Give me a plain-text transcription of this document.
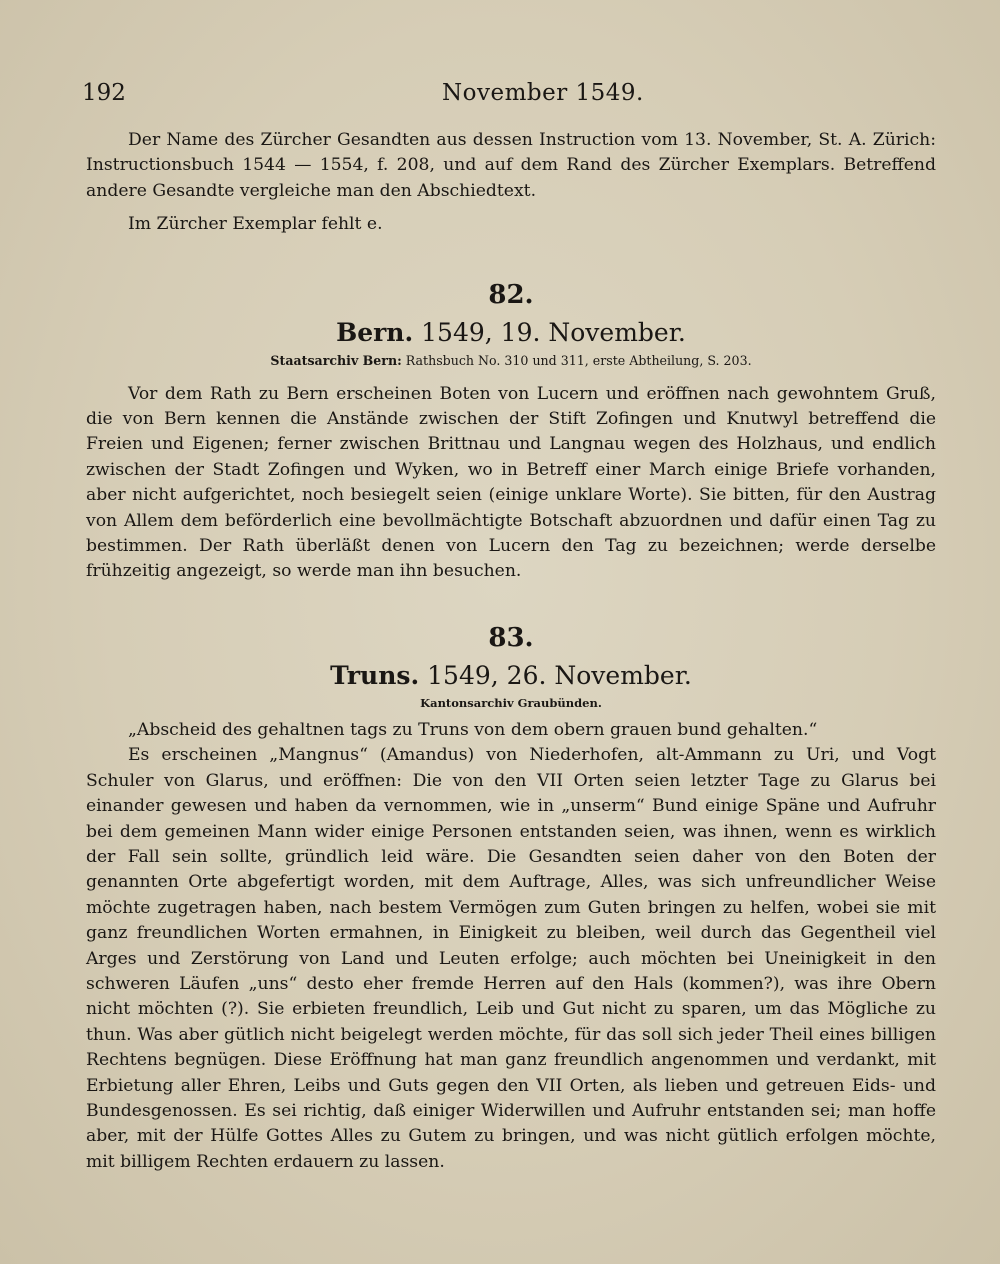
192	November 1549.

Der Name des Zürcher Gesandten aus dessen Instruction vom 13. November, St. A. Zürich: Instructionsbuch 1544 — 1554, f. 208, und auf dem Rand des Zürcher Exemplars. Betreffend andere Gesandte vergleiche man den Abschiedtext.

Im Zürcher Exemplar fehlt e.

82.
Bern. 1549, 19. November.
Staatsarchiv Bern: Rathsbuch No. 310 und 311, erste Abtheilung, S. 203.

Vor dem Rath zu Bern erscheinen Boten von Lucern und eröffnen nach gewohntem Gruß, die von Bern kennen die Anstände zwischen der Stift Zofingen und Knutwyl betreffend die Freien und Eigenen; ferner zwischen Brittnau und Langnau wegen des Holzhaus, und endlich zwischen der Stadt Zofingen und Wyken, wo in Betreff einer March einige Briefe vorhanden, aber nicht aufgerichtet, noch besiegelt seien (einige unklare Worte). Sie bitten, für den Austrag von Allem dem beförderlich eine bevollmächtigte Botschaft abzuordnen und dafür einen Tag zu bestimmen. Der Rath überläßt denen von Lucern den Tag zu bezeichnen; werde derselbe frühzeitig angezeigt, so werde man ihn besuchen.

83.
Truns. 1549, 26. November.
Kantonsarchiv Graubünden.

„Abscheid des gehaltnen tags zu Truns von dem obern grauen bund gehalten.“

Es erscheinen „Mangnus“ (Amandus) von Niederhofen, alt-Ammann zu Uri, und Vogt Schuler von Glarus, und eröffnen: Die von den VII Orten seien letzter Tage zu Glarus bei einander gewesen und haben da vernommen, wie in „unserm“ Bund einige Späne und Aufruhr bei dem gemeinen Mann wider einige Personen entstanden seien, was ihnen, wenn es wirklich der Fall sein sollte, gründlich leid wäre. Die Gesandten seien daher von den Boten der genannten Orte abgefertigt worden, mit dem Auftrage, Alles, was sich unfreundlicher Weise möchte zugetragen haben, nach bestem Vermögen zum Guten bringen zu helfen, wobei sie mit ganz freundlichen Worten ermahnen, in Einigkeit zu bleiben, weil durch das Gegentheil viel Arges und Zerstörung von Land und Leuten erfolge; auch möchten bei Uneinigkeit in den schweren Läufen „uns“ desto eher fremde Herren auf den Hals (kommen?), was ihre Obern nicht möchten (?). Sie erbieten freundlich, Leib und Gut nicht zu sparen, um das Mögliche zu thun. Was aber gütlich nicht beigelegt werden möchte, für das soll sich jeder Theil eines billigen Rechtens begnügen. Diese Eröffnung hat man ganz freundlich angenommen und verdankt, mit Erbietung aller Ehren, Leibs und Guts gegen den VII Orten, als lieben und getreuen Eids- und Bundesgenossen. Es sei richtig, daß einiger Widerwillen und Aufruhr entstanden sei; man hoffe aber, mit der Hülfe Gottes Alles zu Gutem zu bringen, und was nicht gütlich erfolgen möchte, mit billigem Rechten erdauern zu lassen.
